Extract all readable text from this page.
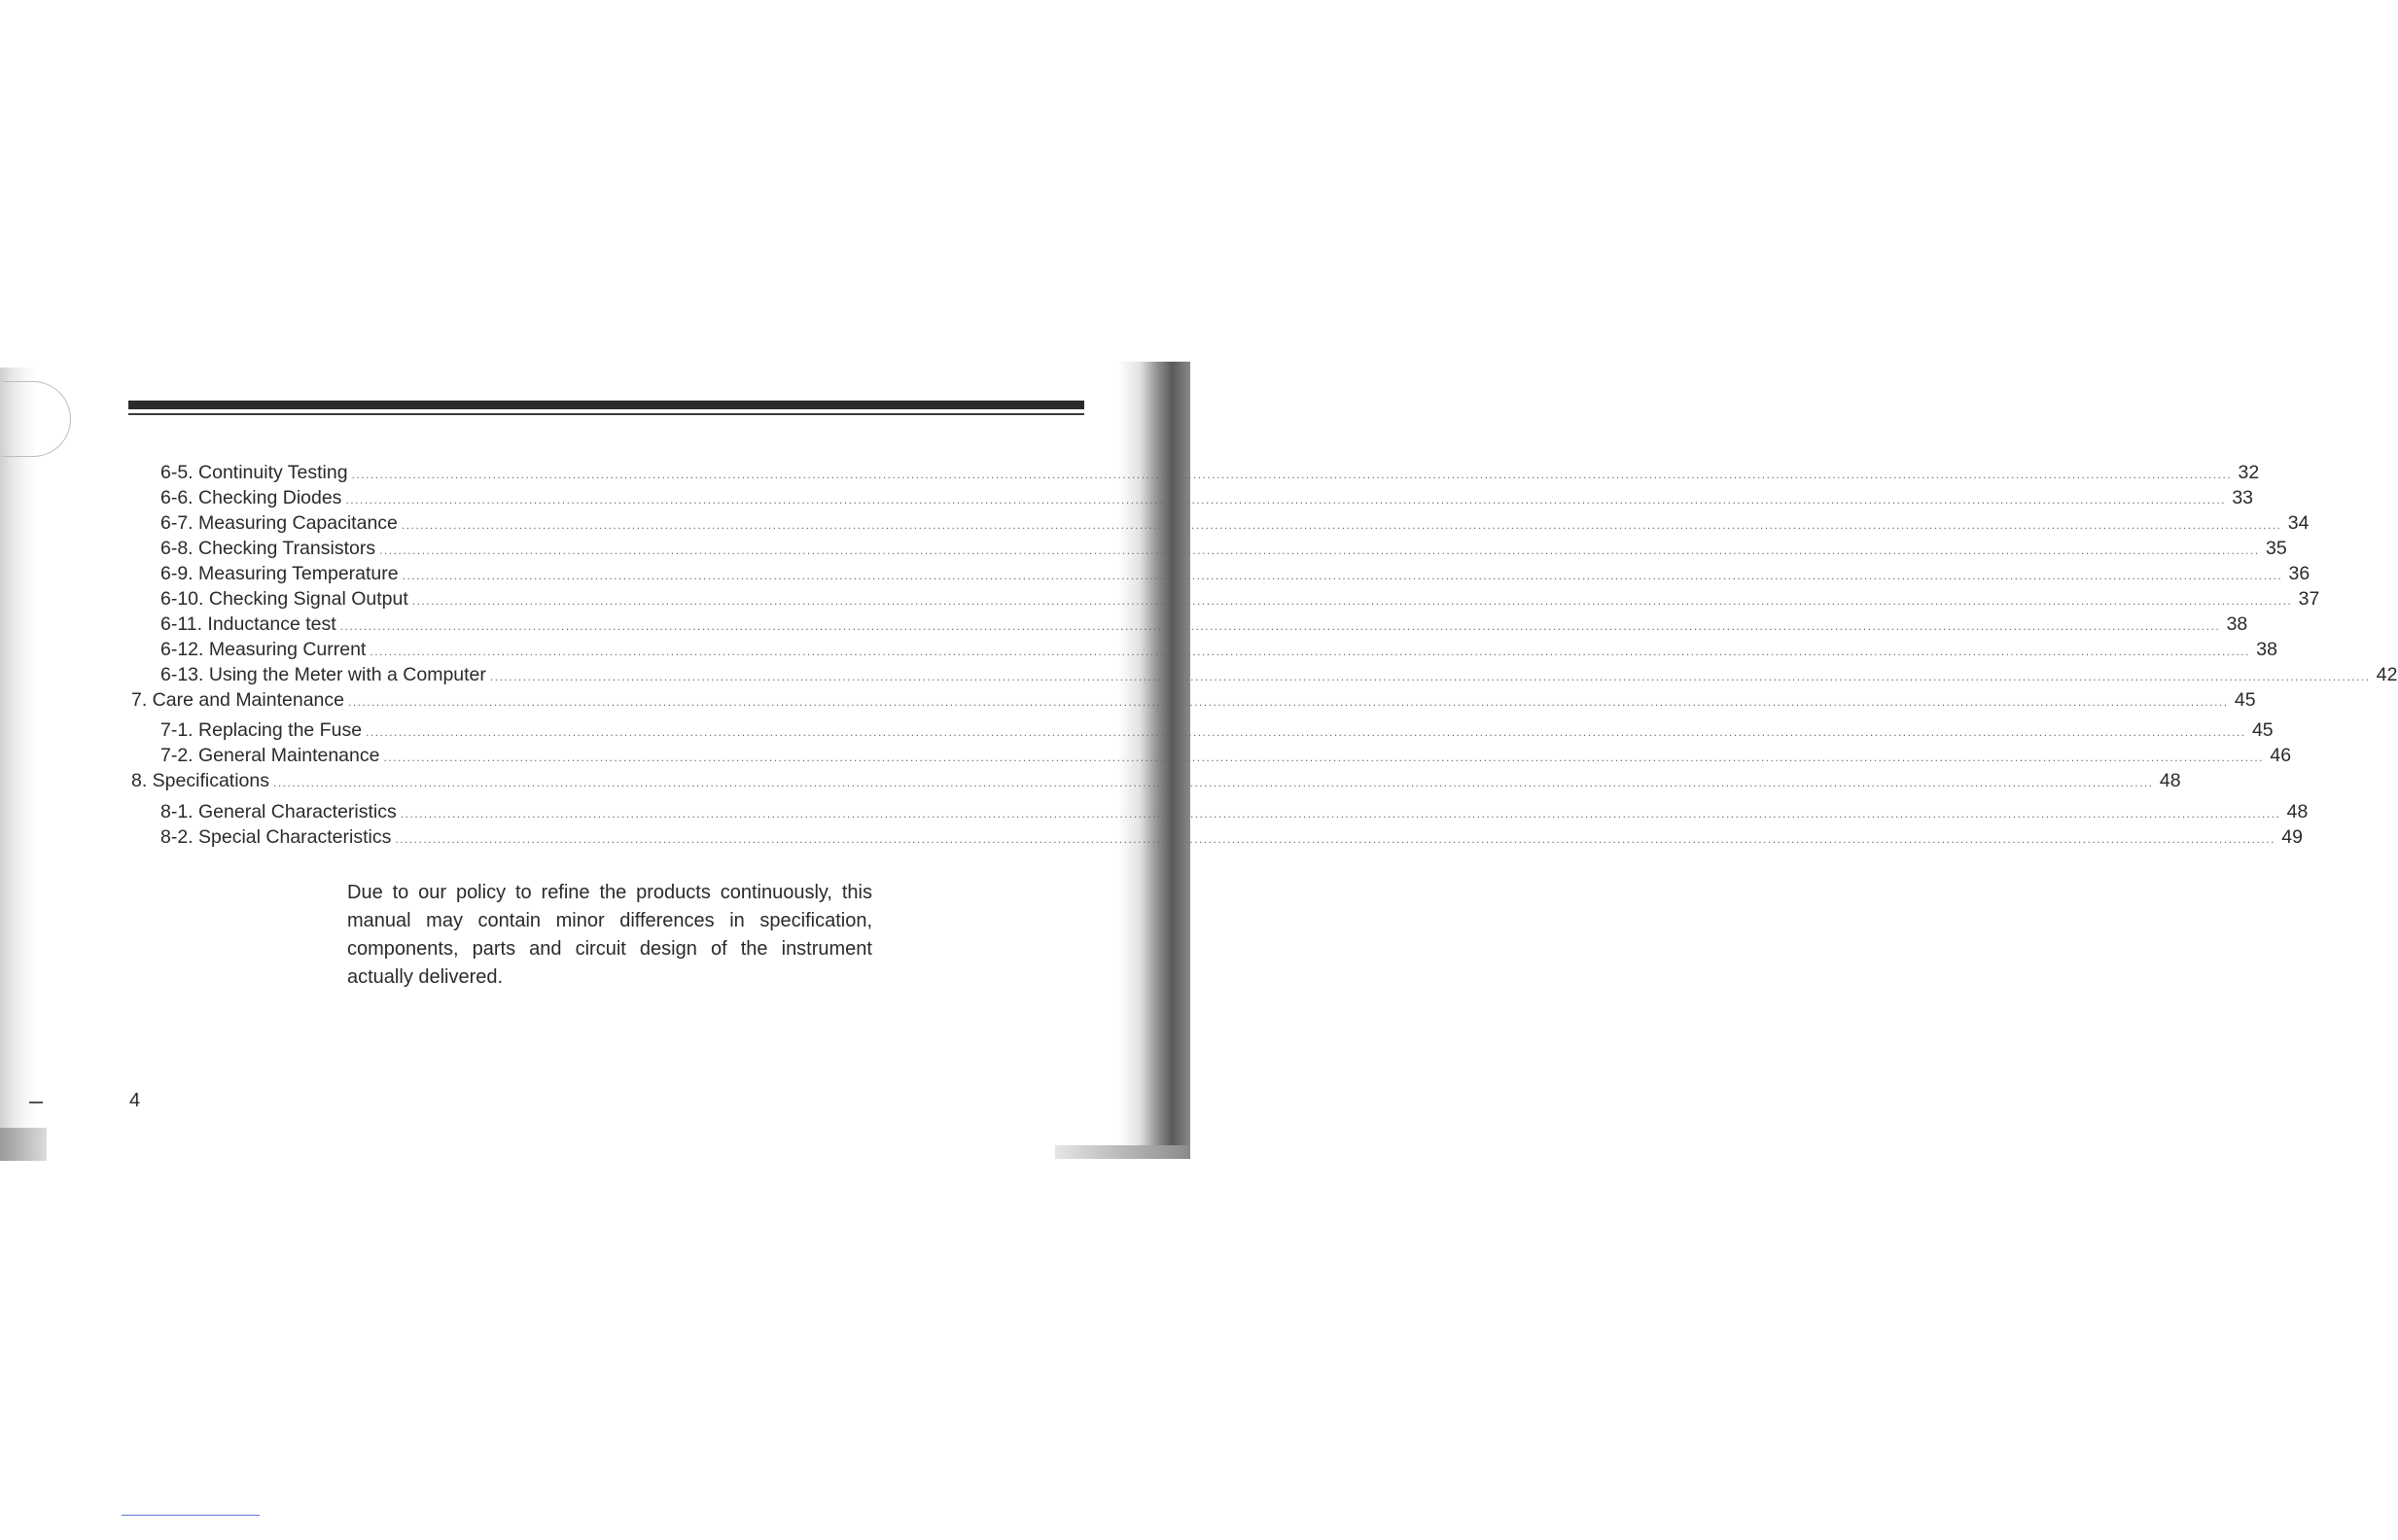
6-5. Continuity Testing ................................................................................................................................................................................................................................................................................................................................................................................................................ 32
6-6. Checking Diodes ................................................................................................................................................................................................................................................................................................................................................................................................................ 33
6-7. Measuring Capacitance ................................................................................................................................................................................................................................................................................................................................................................................................................ 34
6-8. Checking Transistors ................................................................................................................................................................................................................................................................................................................................................................................................................ 35
6-9. Measuring Temperature ................................................................................................................................................................................................................................................................................................................................................................................................................ 36
6-10. Checking Signal Output ................................................................................................................................................................................................................................................................................................................................................................................................................ 37
6-11. Inductance test ................................................................................................................................................................................................................................................................................................................................................................................................................ 38
6-12. Measuring Current ................................................................................................................................................................................................................................................................................................................................................................................................................ 38
6-13. Using the Meter with a Computer ................................................................................................................................................................................................................................................................................................................................................................................................................ 42
7. Care and Maintenance ................................................................................................................................................................................................................................................................................................................................................................................................................ 45
7-1. Replacing the Fuse ................................................................................................................................................................................................................................................................................................................................................................................................................ 45
7-2. General Maintenance ................................................................................................................................................................................................................................................................................................................................................................................................................ 46
8. Specifications ................................................................................................................................................................................................................................................................................................................................................................................................................ 48
8-1. General Characteristics ................................................................................................................................................................................................................................................................................................................................................................................................................ 48
8-2. Special Characteristics ................................................................................................................................................................................................................................................................................................................................................................................................................ 49

Due to our policy to refine the products continuously, this manual may contain minor differences in specification, components, parts and circuit design of the instrument actually delivered.

4
